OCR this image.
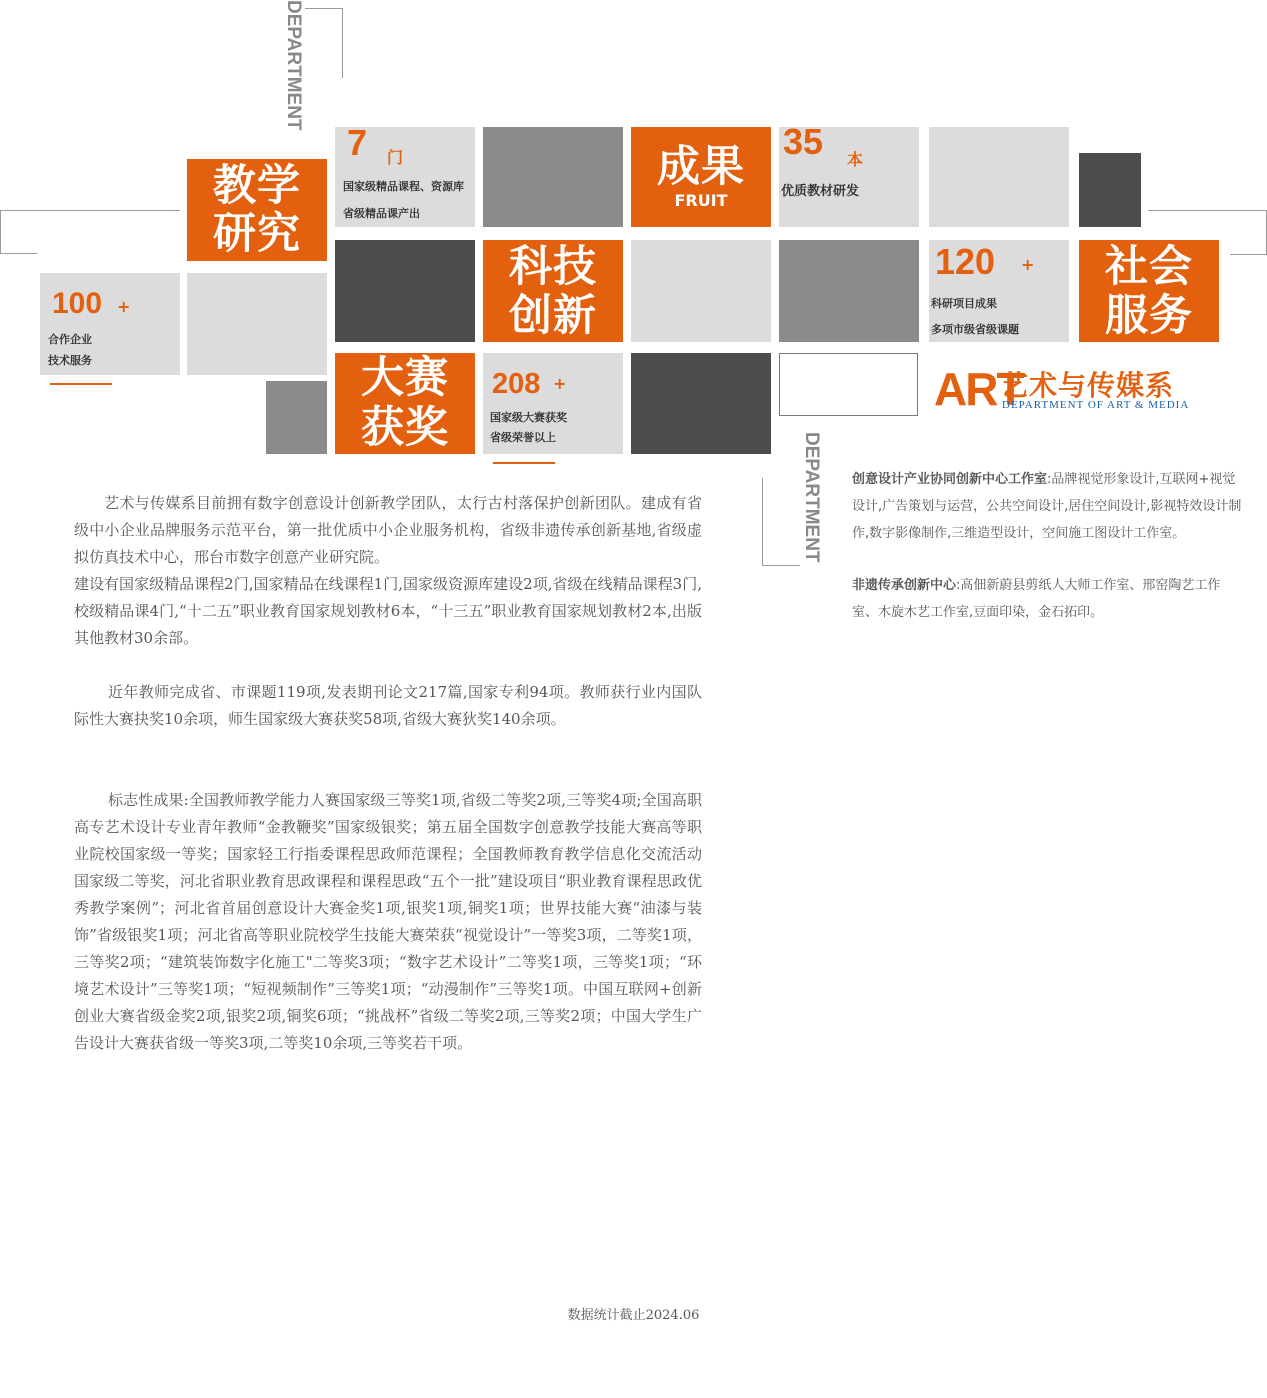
DEPARTMENT
DEPARTMENT
7 门
国家级精品课程、资源库
省级精品课产出
成果
FRUIT
35 本
优质教材研发
教学
研究
100 +
合作企业
技术服务
科技
创新
120 +
科研项目成果
多项市级省级课题
社会
服务
大赛
获奖
208 +
国家级大赛获奖
省级荣誉以上
ART
艺术与传媒系
DEPARTMENT OF ART & MEDIA

艺术与传媒系目前拥有数字创意设计创新教学团队，太行古村落保护创新团队。建成有省级中小企业品牌服务示范平台，第一批优质中小企业服务机构，省级非遗传承创新基地,省级虚拟仿真技术中心，邢台市数字创意产业研究院。

建设有国家级精品课程2门,国家精品在线课程1门,国家级资源库建设2项,省级在线精品课程3门,校级精品课4门,“十二五”职业教育国家规划教材6本，“十三五”职业教育国家规划教材2本,出版其他教材30余部。

近年教师完成省、市课题119项,发表期刊论文217篇,国家专利94项。教师获行业内国队际性大赛抉奖10余项，师生国家级大赛获奖58项,省级大赛狄奖140余项。

标志性成果:全国教师教学能力人赛国家级三等奖1项,省级二等奖2项,三等奖4项;全国高职高专艺术设计专业青年教师“金教鞭奖”国家级银奖；第五届全国数字创意教学技能大赛高等职业院校国家级一等奖；国家轻工行指委课程思政师范课程；全国教师教育教学信息化交流活动国家级二等奖，河北省职业教育思政课程和课程思政“五个一批”建设项目“职业教育课程思政优秀教学案例”；河北省首届创意设计大赛金奖1项,银奖1项,铜奖1项；世界技能大赛“油漆与装饰”省级银奖1项；河北省高等职业院校学生技能大赛荣获“视觉设计”一等奖3项，二等奖1项，三等奖2项；“建筑装饰数字化施工"二等奖3项；“数字艺术设计”二等奖1项，三等奖1项；“环境艺术设计”三等奖1项；“短视频制作”三等奖1项；“动漫制作”三等奖1项。中国互联网+创新创业大赛省级金奖2项,银奖2项,铜奖6项；“挑战杯”省级二等奖2项,三等奖2项；中国大学生广告设计大赛获省级一等奖3项,二等奖10余项,三等奖若干项。

创意设计产业协同创新中心工作室:品牌视觉形象设计,互联网+视觉设计,广告策划与运营，公共空间设计,居住空间设计,影视特效设计制作,数字影像制作,三维造型设计，空间施工图设计工作室。

非遗传承创新中心:高佃新蔚县剪纸人大师工作室、邢窑陶艺工作室、木旋木艺工作室,豆面印染，金石拓印。

数据统计截止2024.06
